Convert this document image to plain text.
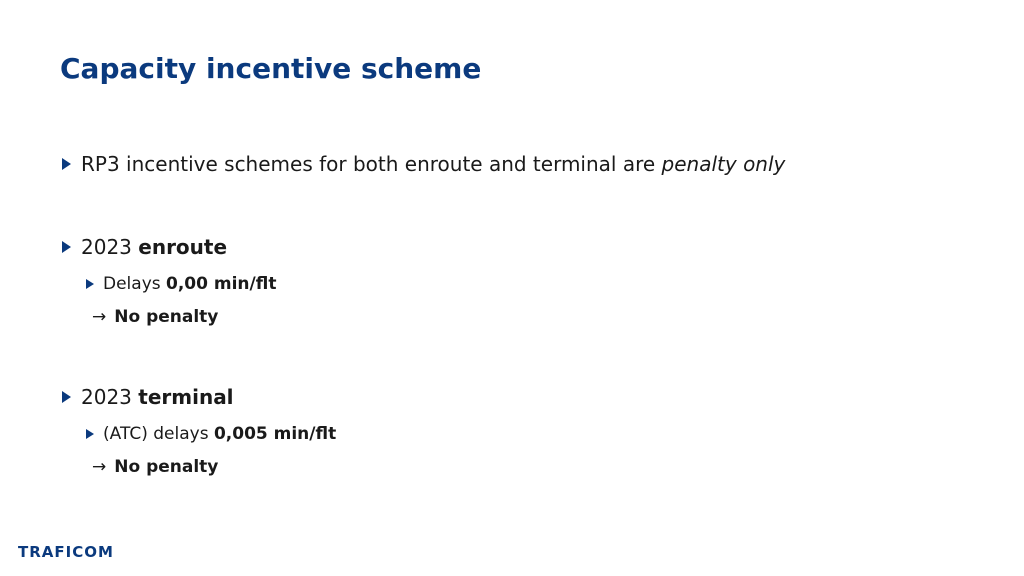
Capacity incentive scheme
RP3 incentive schemes for both enroute and terminal are penalty only
2023 enroute
Delays 0,00 min/flt
→ No penalty
2023 terminal
(ATC) delays 0,005 min/flt
→ No penalty
TRAFICOM
